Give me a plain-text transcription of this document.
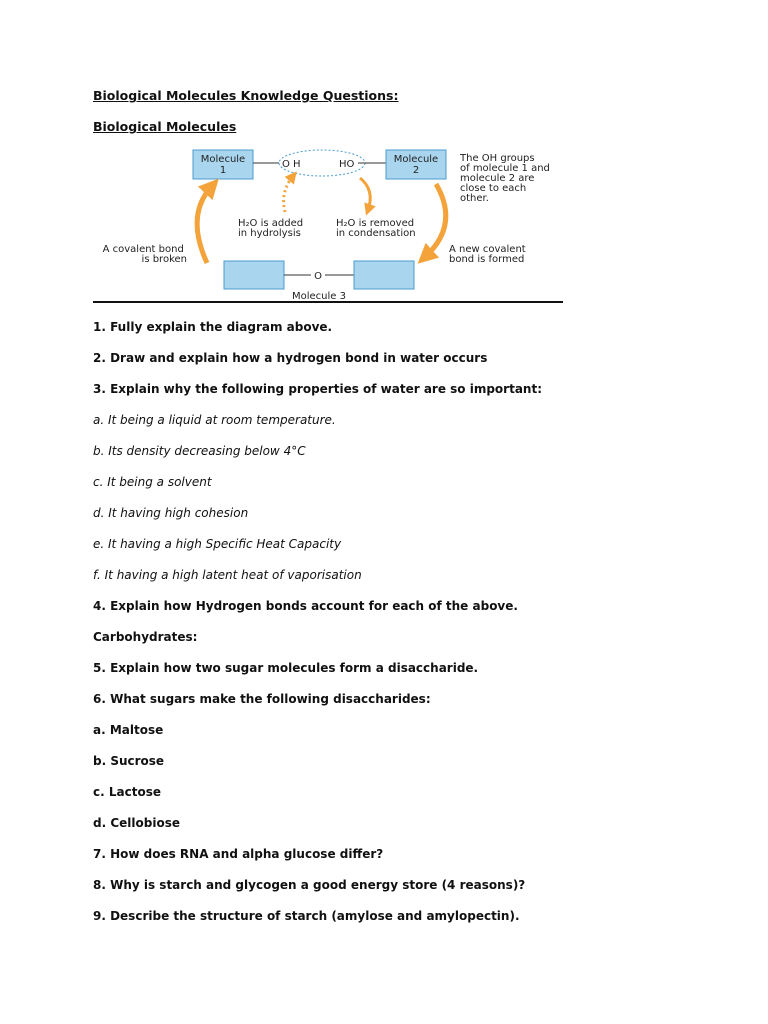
Biological Molecules Knowledge Questions:

Biological Molecules

Molecule
1
O H	HO	Molecule
2
The OH groups of molecule 1 and molecule 2 are close to each other.
H₂O is added in hydrolysis
H₂O is removed in condensation
A covalent bond is broken
A new covalent bond is formed
O
Molecule 3

1. Fully explain the diagram above.

2. Draw and explain how a hydrogen bond in water occurs

3. Explain why the following properties of water are so important:

a. It being a liquid at room temperature.

b. Its density decreasing below 4°C

c. It being a solvent

d. It having high cohesion

e. It having a high Specific Heat Capacity

f. It having a high latent heat of vaporisation

4. Explain how Hydrogen bonds account for each of the above.

Carbohydrates:

5. Explain how two sugar molecules form a disaccharide.

6. What sugars make the following disaccharides:

a. Maltose

b. Sucrose

c. Lactose

d. Cellobiose

7. How does RNA and alpha glucose differ?

8. Why is starch and glycogen a good energy store (4 reasons)?

9. Describe the structure of starch (amylose and amylopectin).
